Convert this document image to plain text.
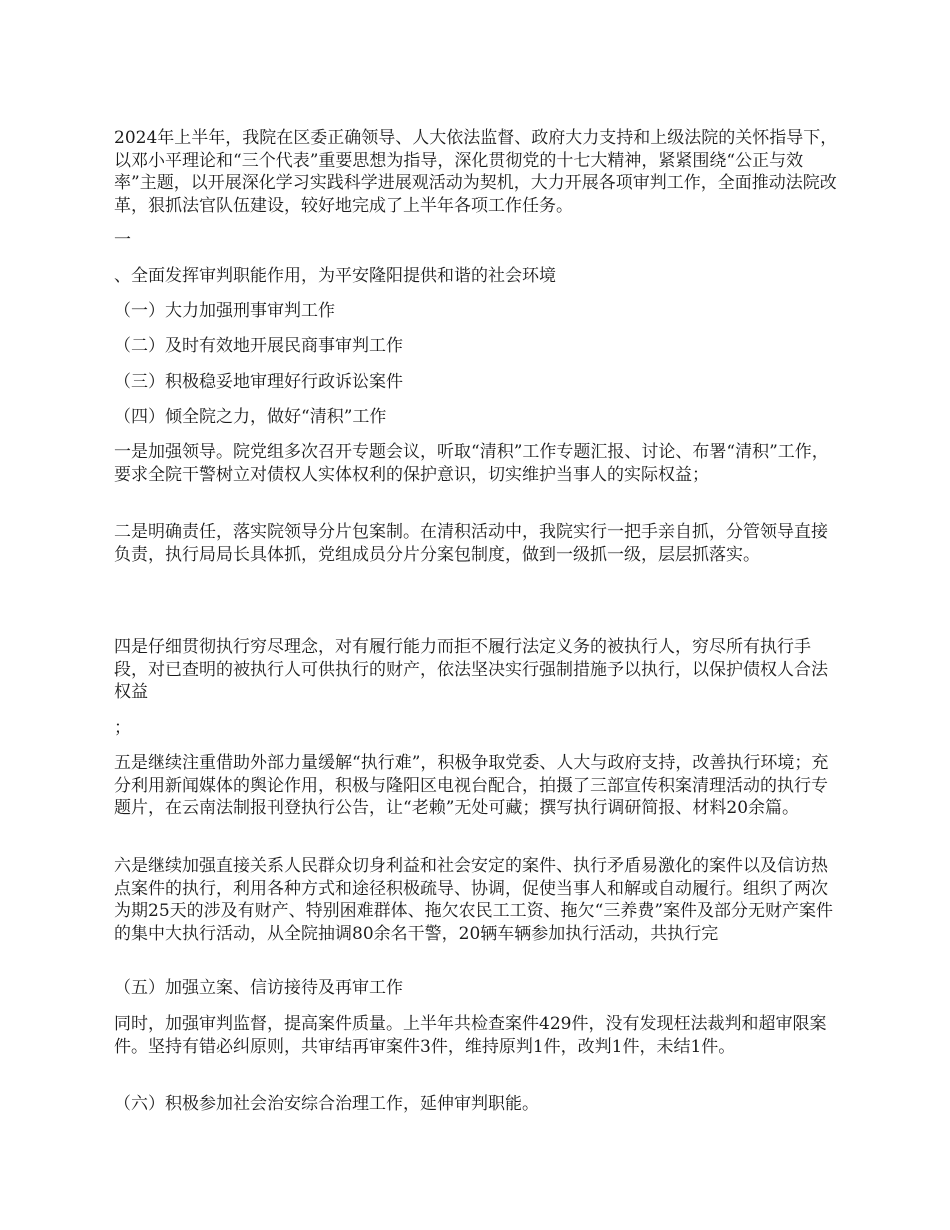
2024年上半年，我院在区委正确领导、人大依法监督、政府大力支持和上级法院的关怀指导下，以邓小平理论和“三个代表”重要思想为指导，深化贯彻党的十七大精神，紧紧围绕“公正与效率”主题，以开展深化学习实践科学进展观活动为契机，大力开展各项审判工作，全面推动法院改革，狠抓法官队伍建设，较好地完成了上半年各项工作任务。

一

、全面发挥审判职能作用，为平安隆阳提供和谐的社会环境

（一）大力加强刑事审判工作

（二）及时有效地开展民商事审判工作

（三）积极稳妥地审理好行政诉讼案件

（四）倾全院之力，做好“清积”工作

一是加强领导。院党组多次召开专题会议，听取“清积”工作专题汇报、讨论、布署“清积”工作，要求全院干警树立对债权人实体权利的保护意识，切实维护当事人的实际权益；

二是明确责任，落实院领导分片包案制。在清积活动中，我院实行一把手亲自抓，分管领导直接负责，执行局局长具体抓，党组成员分片分案包制度，做到一级抓一级，层层抓落实。

四是仔细贯彻执行穷尽理念，对有履行能力而拒不履行法定义务的被执行人，穷尽所有执行手段，对已查明的被执行人可供执行的财产，依法坚决实行强制措施予以执行，以保护债权人合法权益

；

五是继续注重借助外部力量缓解“执行难”，积极争取党委、人大与政府支持，改善执行环境；充分利用新闻媒体的舆论作用，积极与隆阳区电视台配合，拍摄了三部宣传积案清理活动的执行专题片，在云南法制报刊登执行公告，让“老赖”无处可藏；撰写执行调研简报、材料20余篇。

六是继续加强直接关系人民群众切身利益和社会安定的案件、执行矛盾易激化的案件以及信访热点案件的执行，利用各种方式和途径积极疏导、协调，促使当事人和解或自动履行。组织了两次为期25天的涉及有财产、特别困难群体、拖欠农民工工资、拖欠“三养费”案件及部分无财产案件的集中大执行活动，从全院抽调80余名干警，20辆车辆参加执行活动，共执行完

（五）加强立案、信访接待及再审工作

同时，加强审判监督，提高案件质量。上半年共检查案件429件，没有发现枉法裁判和超审限案件。坚持有错必纠原则，共审结再审案件3件，维持原判1件，改判1件，未结1件。

（六）积极参加社会治安综合治理工作，延伸审判职能。
